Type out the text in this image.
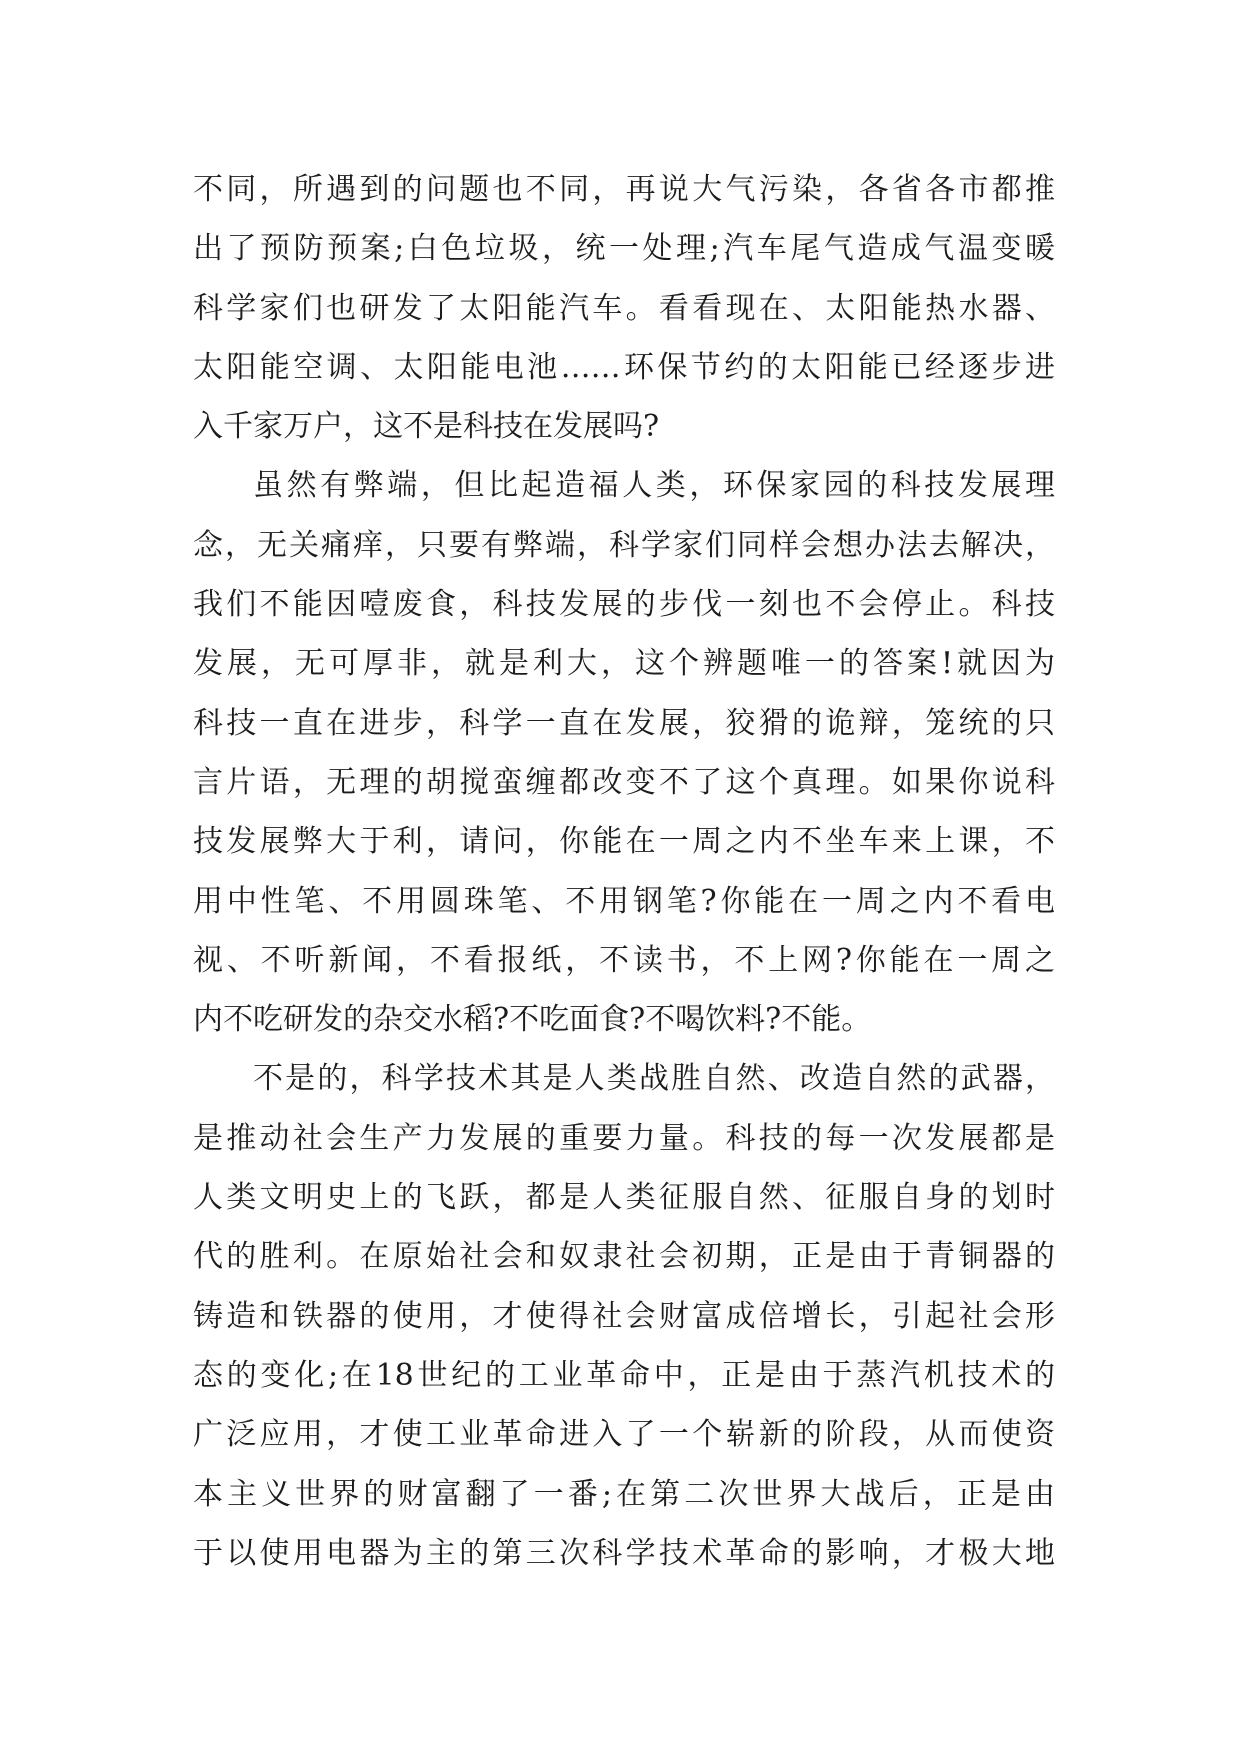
不同，所遇到的问题也不同，再说大气污染，各省各市都推
出了预防预案;白色垃圾，统一处理;汽车尾气造成气温变暖
科学家们也研发了太阳能汽车。看看现在、太阳能热水器、
太阳能空调、太阳能电池……环保节约的太阳能已经逐步进
入千家万户，这不是科技在发展吗?
虽然有弊端，但比起造福人类，环保家园的科技发展理
念，无关痛痒，只要有弊端，科学家们同样会想办法去解决，
我们不能因噎废食，科技发展的步伐一刻也不会停止。科技
发展，无可厚非，就是利大，这个辨题唯一的答案!就因为
科技一直在进步，科学一直在发展，狡猾的诡辩，笼统的只
言片语，无理的胡搅蛮缠都改变不了这个真理。如果你说科
技发展弊大于利，请问，你能在一周之内不坐车来上课，不
用中性笔、不用圆珠笔、不用钢笔?你能在一周之内不看电
视、不听新闻，不看报纸，不读书，不上网?你能在一周之
内不吃研发的杂交水稻?不吃面食?不喝饮料?不能。
不是的，科学技术其是人类战胜自然、改造自然的武器，
是推动社会生产力发展的重要力量。科技的每一次发展都是
人类文明史上的飞跃，都是人类征服自然、征服自身的划时
代的胜利。在原始社会和奴隶社会初期，正是由于青铜器的
铸造和铁器的使用，才使得社会财富成倍增长，引起社会形
态的变化;在18世纪的工业革命中，正是由于蒸汽机技术的
广泛应用，才使工业革命进入了一个崭新的阶段，从而使资
本主义世界的财富翻了一番;在第二次世界大战后，正是由
于以使用电器为主的第三次科学技术革命的影响，才极大地
